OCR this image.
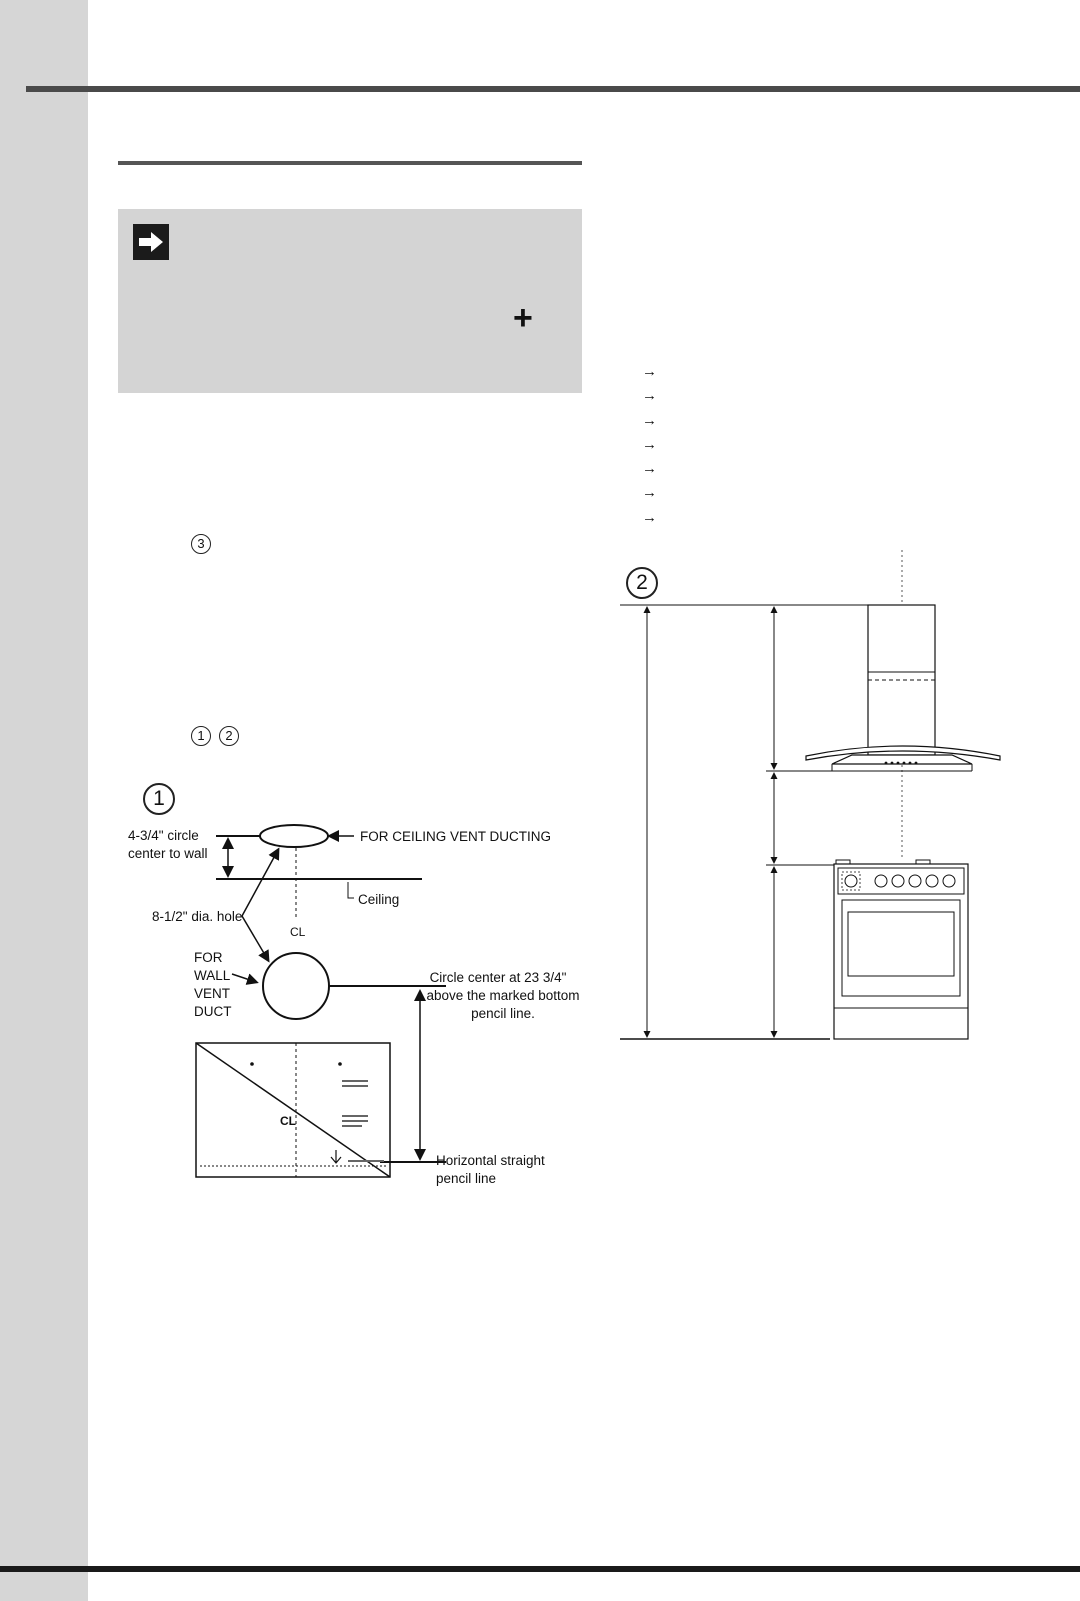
+
3
1	2
→
→
→
→
→
→
→
1
4-3/4" circle
center to wall
FOR CEILING VENT DUCTING
Ceiling
8-1/2" dia. hole
CL
FOR
WALL
VENT
DUCT
Circle center at 23 3/4"
above the marked bottom
pencil line.
CL
Horizontal straight
pencil line
2
